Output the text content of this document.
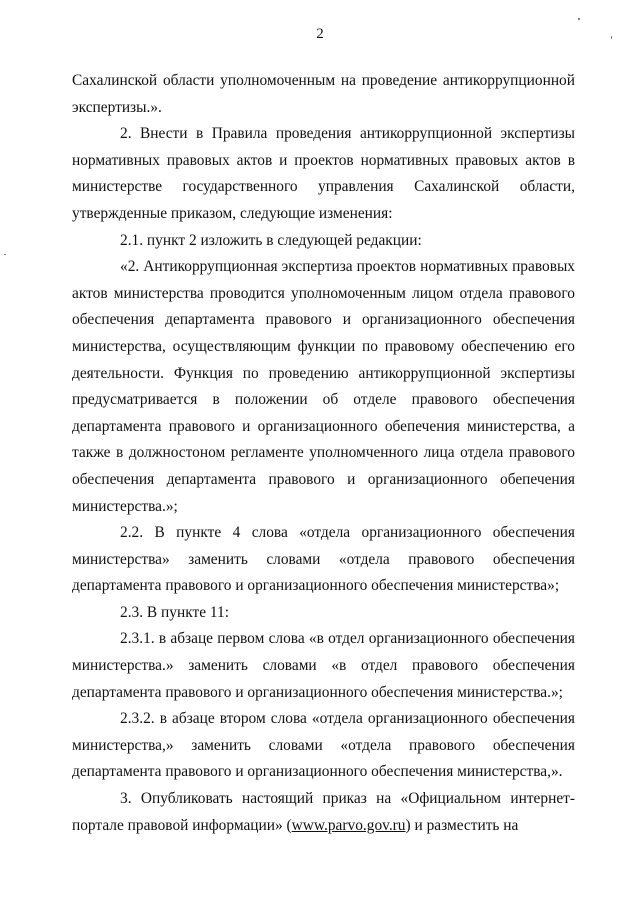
2

Сахалинской области уполномоченным на проведение антикоррупционной экспертизы.».

2. Внести в Правила проведения антикоррупционной экспертизы нормативных правовых актов и проектов нормативных правовых актов в министерстве государственного управления Сахалинской области, утвержденные приказом, следующие изменения:

2.1. пункт 2 изложить в следующей редакции:

«2. Антикоррупционная экспертиза проектов нормативных правовых актов министерства проводится уполномоченным лицом отдела правового обеспечения департамента правового и организационного обеспечения министерства, осуществляющим функции по правовому обеспечению его деятельности. Функция по проведению антикоррупционной экспертизы предусматривается в положении об отделе правового обеспечения департамента правового и организационного обепечения министерства, а также в должностоном регламенте уполномченного лица отдела правового обеспечения департамента правового и организационного обепечения министерства.»;

2.2. В пункте 4 слова «отдела организационного обеспечения министерства» заменить словами «отдела правового обеспечения департамента правового и организационного обеспечения министерства»;

2.3. В пункте 11:

2.3.1. в абзаце первом слова «в отдел организационного обеспечения министерства.» заменить словами «в отдел правового обеспечения департамента правового и организационного обеспечения министерства.»;

2.3.2. в абзаце втором слова «отдела организационного обеспечения министерства,» заменить словами «отдела правового обеспечения департамента правового и организационного обеспечения министерства,».

3. Опубликовать настоящий приказ на «Официальном интернет-портале правовой информации» (www.parvo.gov.ru) и разместить на
